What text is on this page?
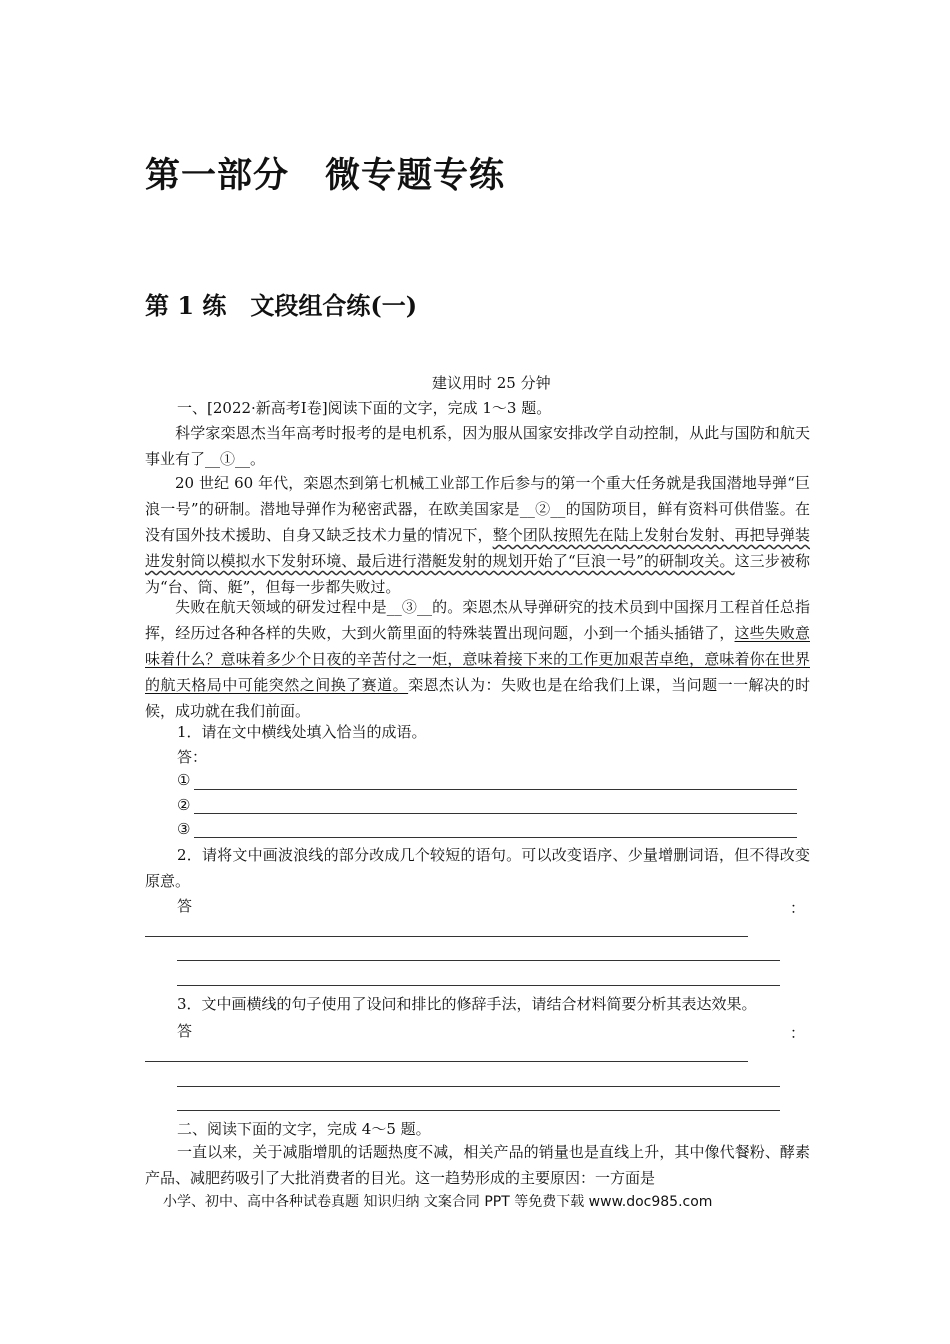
第一部分　微专题专练
第 1 练　文段组合练(一)
建议用时 25 分钟
一、[2022·新高考Ⅰ卷]阅读下面的文字，完成 1～3 题。
科学家栾恩杰当年高考时报考的是电机系，因为服从国家安排改学自动控制，从此与国防和航天事业有了__①__。
20 世纪 60 年代，栾恩杰到第七机械工业部工作后参与的第一个重大任务就是我国潜地导弹“巨浪一号”的研制。潜地导弹作为秘密武器，在欧美国家是__②__的国防项目，鲜有资料可供借鉴。在没有国外技术援助、自身又缺乏技术力量的情况下，整个团队按照先在陆上发射台发射、再把导弹装进发射筒以模拟水下发射环境、最后进行潜艇发射的规划开始了“巨浪一号”的研制攻关。这三步被称为“台、筒、艇”，但每一步都失败过。
失败在航天领域的研发过程中是__③__的。栾恩杰从导弹研究的技术员到中国探月工程首任总指挥，经历过各种各样的失败，大到火箭里面的特殊装置出现问题，小到一个插头插错了，这些失败意味着什么？意味着多少个日夜的辛苦付之一炬，意味着接下来的工作更加艰苦卓绝，意味着你在世界的航天格局中可能突然之间换了赛道。栾恩杰认为：失败也是在给我们上课，当问题一一解决的时候，成功就在我们前面。
1．请在文中横线处填入恰当的成语。
答：
①
②
③
2．请将文中画波浪线的部分改成几个较短的语句。可以改变语序、少量增删词语，但不得改变原意。
答	：
3．文中画横线的句子使用了设问和排比的修辞手法，请结合材料简要分析其表达效果。
答	：
二、阅读下面的文字，完成 4～5 题。
一直以来，关于减脂增肌的话题热度不减，相关产品的销量也是直线上升，其中像代餐粉、酵素产品、减肥药吸引了大批消费者的目光。这一趋势形成的主要原因：一方面是
小学、初中、高中各种试卷真题 知识归纳 文案合同 PPT 等免费下载 www.doc985.com
